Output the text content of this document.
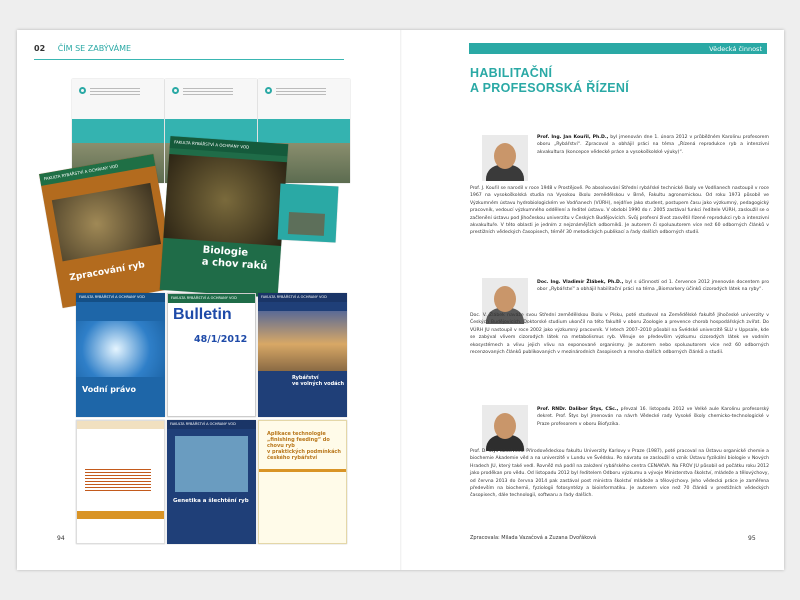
02 ČÍM SE ZABÝVÁME
FAKULTA RYBÁŘSTVÍ A OCHRANY VOD
Zpracování ryb
FAKULTA RYBÁŘSTVÍ A OCHRANY VOD
Biologie
a chov raků
FAKULTA RYBÁŘSTVÍ A OCHRANY VOD
Vodní právo
FAKULTA RYBÁŘSTVÍ A OCHRANY VOD
Bulletin
48/1/2012
FAKULTA RYBÁŘSTVÍ A OCHRANY VOD
Rybářství
ve volných vodách
FAKULTA RYBÁŘSTVÍ A OCHRANY VOD
Genetika a šlechtění ryb
Aplikace technologie
„finishing feeding“ do chovu ryb
v praktických podmínkách
českého rybářství
94
Vědecká činnost
HABILITAČNÍ
A PROFESORSKÁ ŘÍZENÍ
Prof. Ing. Jan Kouřil, Ph.D., byl jmenován dne 1. února 2012 v průběžném Karolinu profesorem oboru „Rybářství“. Zpracoval a obhájil práci na téma „Řízená reprodukce ryb a intenzivní akvakultura (koncepce vědecké práce a vysokoškolské výuky)“.
Prof. J. Kouřil se narodil v roce 1948 v Prostějově. Po absolvování Střední rybářské technické školy ve Vodňanech nastoupil v roce 1967 na vysokoškolská studia na Vysokou školu zemědělskou v Brně, Fakultu agronomickou. Od roku 1973 působil ve Výzkumném ústavu hydrobiologickém ve Vodňanech (VÚRH), nejdříve jako student, postupem času jako výzkumný, pedagogický pracovník, vedoucí výzkumného oddělení a ředitel ústavu. V období 1990 do r. 2005 zastával funkci ředitele VÚRH, zasloužil se o začlenění ústavu pod Jihočeskou univerzitu v Českých Budějovicích. Svůj profesní život zasvětil řízené reprodukci ryb a intenzivní akvakultuře. V této oblasti je jedním z nejznámějších odborníků. Je autorem či spoluautorem více než 60 odborných článků v prestižních vědeckých časopisech, téměř 30 metodických publikací a řady dalších odborných studií.
Doc. Ing. Vladimír Žlábek, Ph.D., byl s účinností od 1. července 2012 jmenován docentem pro obor „Rybářství“ a obhájil habilitační práci na téma „Biomarkery účinků cizorodých látek na ryby“.
Doc. V. Žlábek naváže svou Střední zemědělskou školu v Písku, poté studoval na Zemědělské fakultě Jihočeské univerzity v Českých Budějovicích. Doktorské studium ukončil na této fakultě v oboru Zoologie a prevence chorob hospodářských zvířat. Do VÚRH JU nastoupil v roce 2002 jako výzkumný pracovník. V letech 2007–2010 působil na Švédské univerzitě SLU v Uppsale, kde se zabýval vlivem cizorodých látek na metabolismus ryb. Věnuje se především výzkumu cizorodých látek ve vodním ekosystémech a vlivu jejich vlivu na exponované organismy. Je autorem nebo spoluautorem více než 60 odborných recenzovaných článků publikovaných v mezinárodních časopisech a mnoha dalších odborných článků a studií.
Prof. RNDr. Dalibor Štys, CSc., převzal 16. listopadu 2012 ve Velké aule Karolinu profesorský dekret. Prof. Štys byl jmenován na návrh Vědecké rady Vysoké školy chemicko-technologické v Praze profesorem v oboru Biofyzika.
Prof. D. Štys absolvoval Přírodovědeckou fakultu Univerzity Karlovy v Praze (1987), poté pracoval na Ústavu organické chemie a biochemie Akademie věd a na univerzitě v Lundu ve Švédsku. Po návratu se zasloužil o vznik Ústavu fyzikální biologie v Nových Hradech JU, který také vedl. Rovněž má podíl na založení rybářského centra CENAKVA. Na FROV JU působil od počátku roku 2012 jako proděkan pro vědu. Od listopadu 2012 byl ředitelem Odboru výzkumu a vývoje Ministerstva školství, mládeže a tělovýchovy, od června 2013 do června 2014 pak zastával post ministra školství mládeže a tělovýchovy. Jeho vědecká práce je zaměřena především na biochemii, fyziologii fotosyntézy a bioinformatiku. Je autorem více než 70 článků v prestižních vědeckých časopisech, dále technologií, softwaru a řady dalších.
Zpracovala: Milada Vazačová a Zuzana Dvořáková	95
